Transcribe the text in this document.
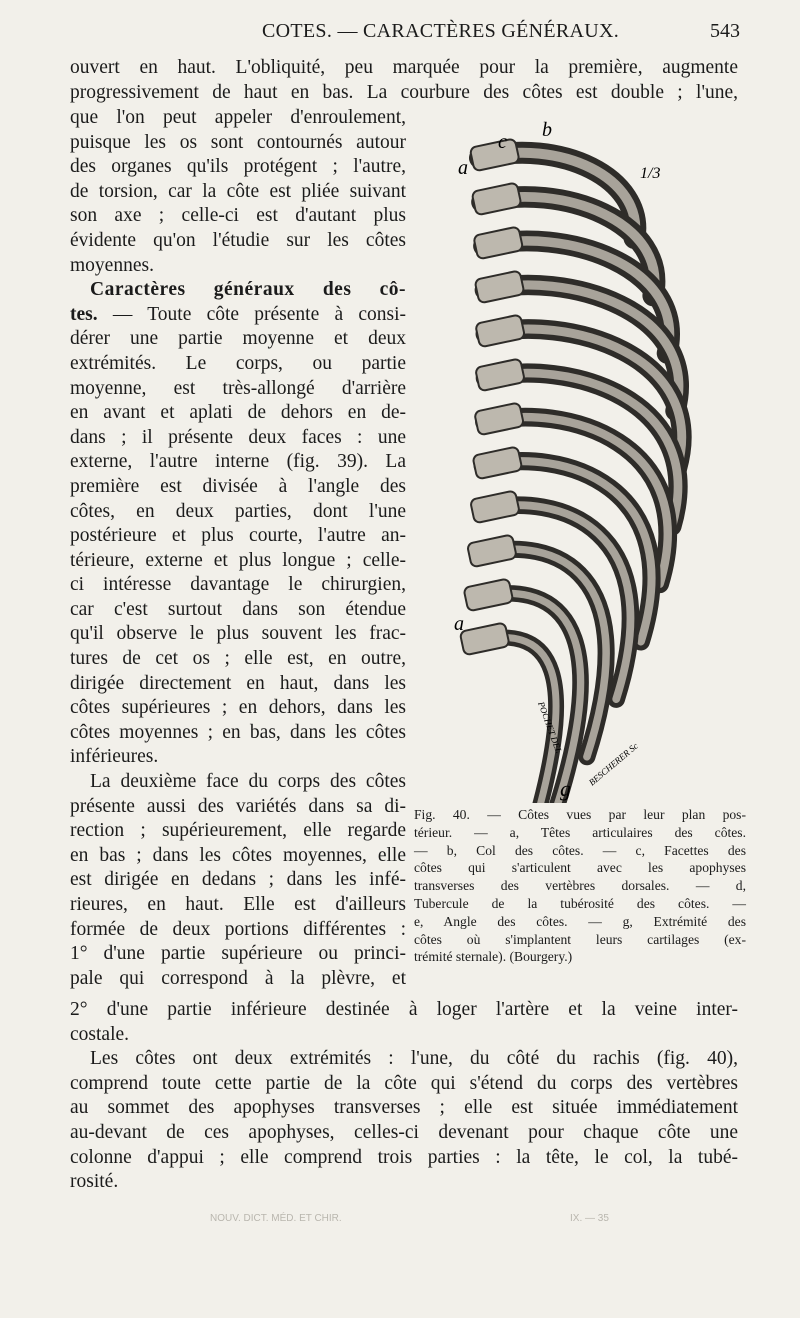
COTES. — CARACTÈRES GÉNÉRAUX.	543
ouvert en haut. L'obliquité, peu marquée pour la première, augmente
progressivement de haut en bas. La courbure des côtes est double ; l'une,
que l'on peut appeler d'enroulement,
puisque les os sont contournés autour
des organes qu'ils protégent ; l'autre,
de torsion, car la côte est pliée suivant
son axe ; celle-ci est d'autant plus
évidente qu'on l'étudie sur les côtes
moyennes.
Caractères généraux des cô-
tes. — Toute côte présente à consi-
dérer une partie moyenne et deux
extrémités. Le corps, ou partie
moyenne, est très-allongé d'arrière
en avant et aplati de dehors en de-
dans ; il présente deux faces : une
externe, l'autre interne (fig. 39). La
première est divisée à l'angle des
côtes, en deux parties, dont l'une
postérieure et plus courte, l'autre an-
térieure, externe et plus longue ; celle-
ci intéresse davantage le chirurgien,
car c'est surtout dans son étendue
qu'il observe le plus souvent les frac-
tures de cet os ; elle est, en outre,
dirigée directement en haut, dans les
côtes supérieures ; en dehors, dans les
côtes moyennes ; en bas, dans les côtes
inférieures.
La deuxième face du corps des côtes
présente aussi des variétés dans sa di-
rection ; supérieurement, elle regarde
en bas ; dans les côtes moyennes, elle
est dirigée en dedans ; dans les infé-
rieures, en haut. Elle est d'ailleurs
formée de deux portions différentes :
1° d'une partie supérieure ou princi-
pale qui correspond à la plèvre, et
a
c
b
1/3
a
g
POCHET DEL
BESCHERER Sc
Fig. 40. — Côtes vues par leur plan pos-
térieur. — a, Têtes articulaires des côtes.
— b, Col des côtes. — c, Facettes des
côtes qui s'articulent avec les apophyses
transverses des vertèbres dorsales. — d,
Tubercule de la tubérosité des côtes. —
e, Angle des côtes. — g, Extrémité des
côtes où s'implantent leurs cartilages (ex-
trémité sternale). (Bourgery.)
2° d'une partie inférieure destinée à loger l'artère et la veine inter-
costale.
Les côtes ont deux extrémités : l'une, du côté du rachis (fig. 40),
comprend toute cette partie de la côte qui s'étend du corps des vertèbres
au sommet des apophyses transverses ; elle est située immédiatement
au-devant de ces apophyses, celles-ci devenant pour chaque côte une
colonne d'appui ; elle comprend trois parties : la tête, le col, la tubé-
rosité.
NOUV. DICT. MÉD. ET CHIR.	IX. — 35
